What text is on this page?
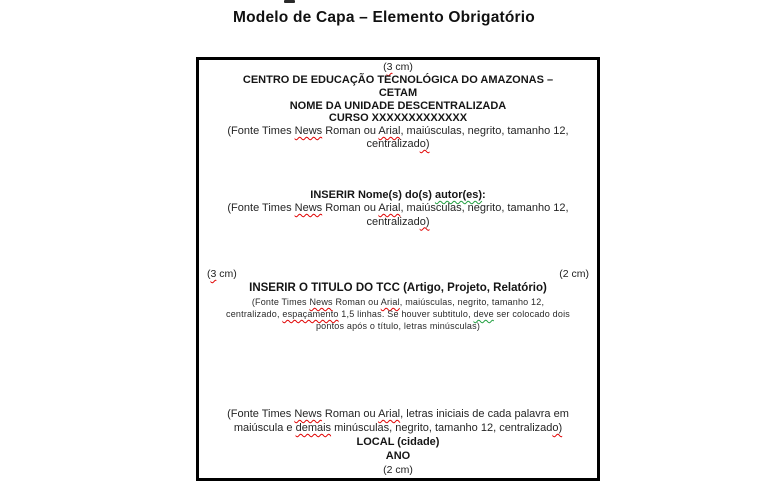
Modelo de Capa – Elemento Obrigatório
(3 cm)
CENTRO DE EDUCAÇÃO TECNOLÓGICA DO AMAZONAS –
CETAM
NOME DA UNIDADE DESCENTRALIZADA
CURSO XXXXXXXXXXXXX
(Fonte Times News Roman ou Arial, maiúsculas, negrito, tamanho 12,
centralizado)
INSERIR Nome(s) do(s) autor(es):
(Fonte Times News Roman ou Arial, maiúsculas, negrito, tamanho 12,
centralizado)
(3 cm)	(2 cm)
INSERIR O TITULO DO TCC (Artigo, Projeto, Relatório)
(Fonte Times News Roman ou Arial, maiúsculas, negrito, tamanho 12,
centralizado, espaçamento 1,5 linhas. Se houver subtitulo, deve ser colocado dois
pontos após o título, letras minúsculas)
(Fonte Times News Roman ou Arial, letras iniciais de cada palavra em
maiúscula e demais minúsculas, negrito, tamanho 12, centralizado)
LOCAL (cidade)
ANO
(2 cm)
